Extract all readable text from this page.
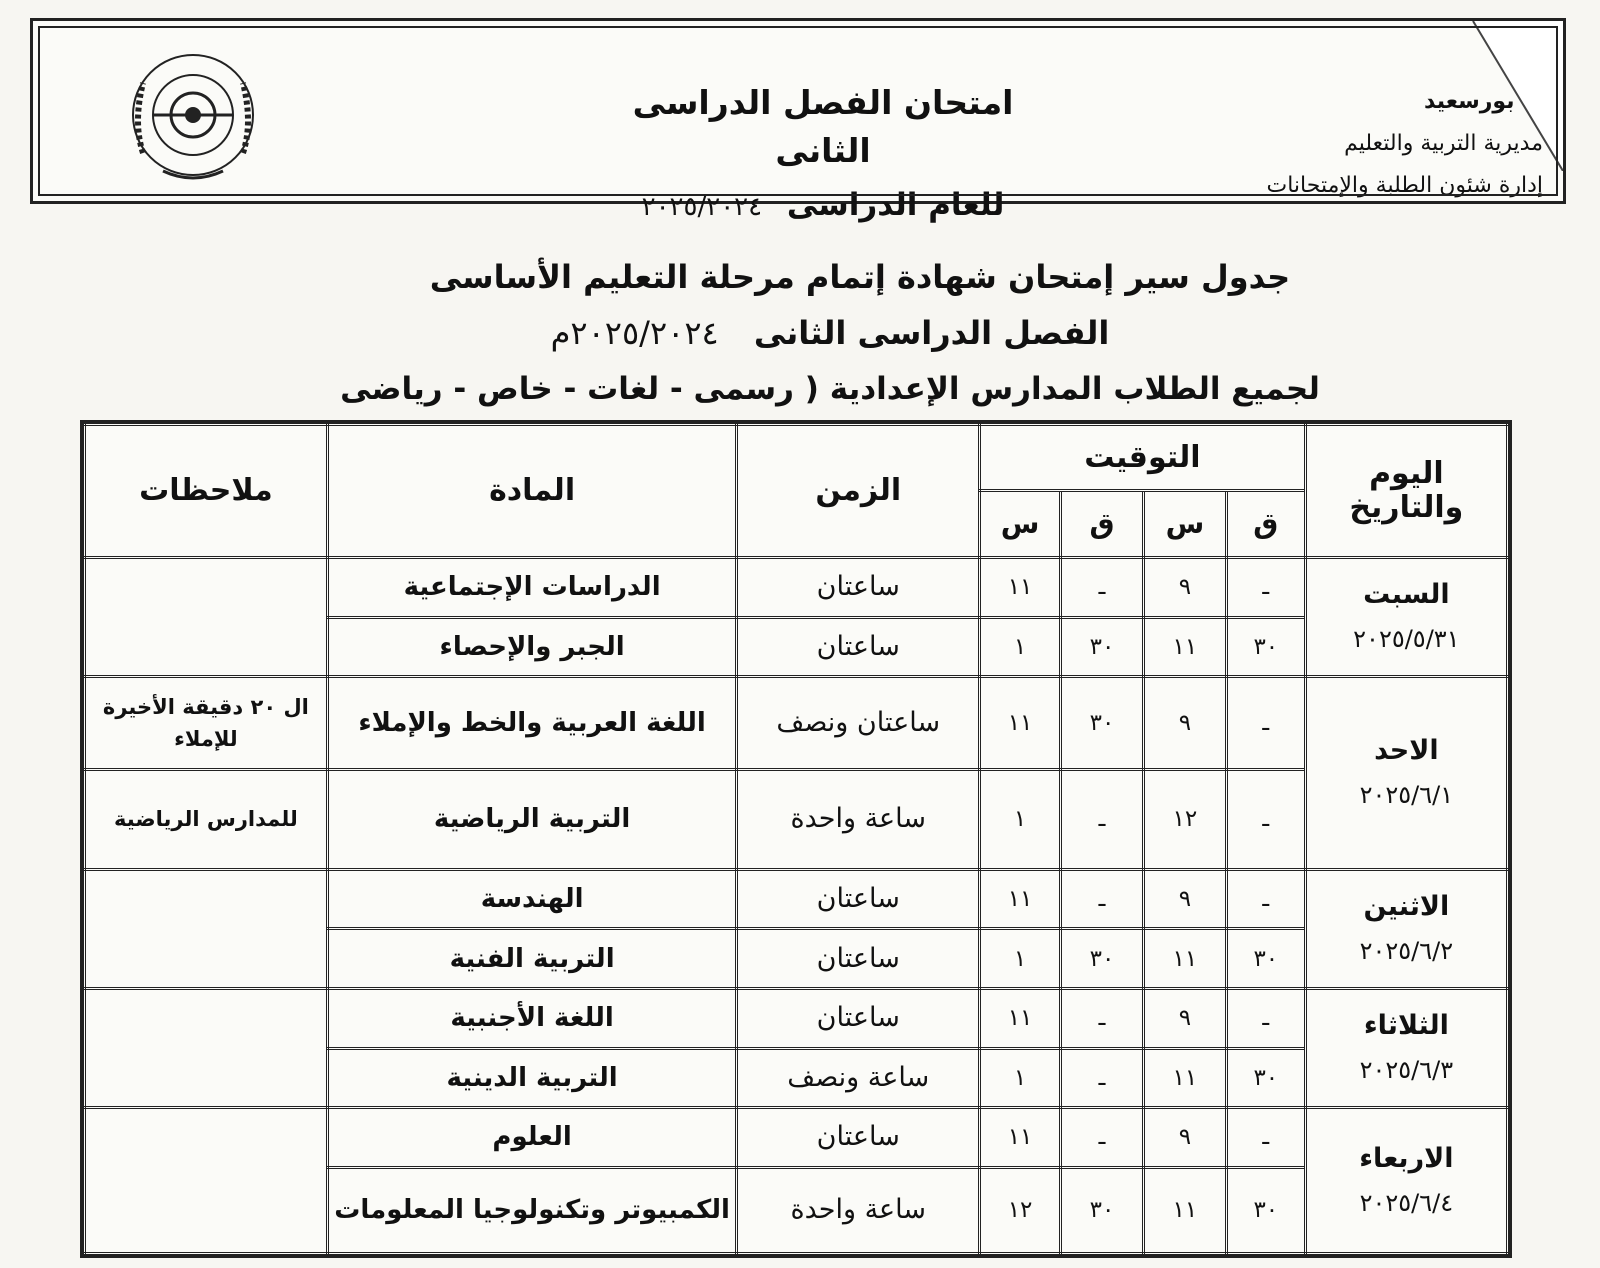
امتحان الفصل الدراسى الثانى
للعام الدراسى ٢٠٢٥/٢٠٢٤
ـة بورسعيد
مديرية التربية والتعليم
إدارة شئون الطلبة والإمتحانات
جدول سير إمتحان شهادة إتمام مرحلة التعليم الأساسى
الفصل الدراسى الثانى ٢٠٢٥/٢٠٢٤م
لجميع الطلاب المدارس الإعدادية ( رسمى - لغات - خاص - رياضى
اليوم والتاريخ	التوقيت				الزمن	المادة	ملاحظات
	ق	س	ق	س			
السبت
٢٠٢٥/٥/٣١	ـ	٩	ـ	١١	ساعتان	الدراسات الإجتماعية	
	٣٠	١١	٣٠	١	ساعتان	الجبر والإحصاء	
الاحد
٢٠٢٥/٦/١	ـ	٩	٣٠	١١	ساعتان ونصف	اللغة العربية والخط والإملاء	ال ٢٠ دقيقة الأخيرة للإملاء
	ـ	١٢	ـ	١	ساعة واحدة	التربية الرياضية	للمدارس الرياضية
الاثنين
٢٠٢٥/٦/٢	ـ	٩	ـ	١١	ساعتان	الهندسة	
	٣٠	١١	٣٠	١	ساعتان	التربية الفنية	
الثلاثاء
٢٠٢٥/٦/٣	ـ	٩	ـ	١١	ساعتان	اللغة الأجنبية	
	٣٠	١١	ـ	١	ساعة ونصف	التربية الدينية	
الاربعاء
٢٠٢٥/٦/٤	ـ	٩	ـ	١١	ساعتان	العلوم	
	٣٠	١١	٣٠	١٢	ساعة واحدة	الكمبيوتر وتكنولوجيا المعلومات	
